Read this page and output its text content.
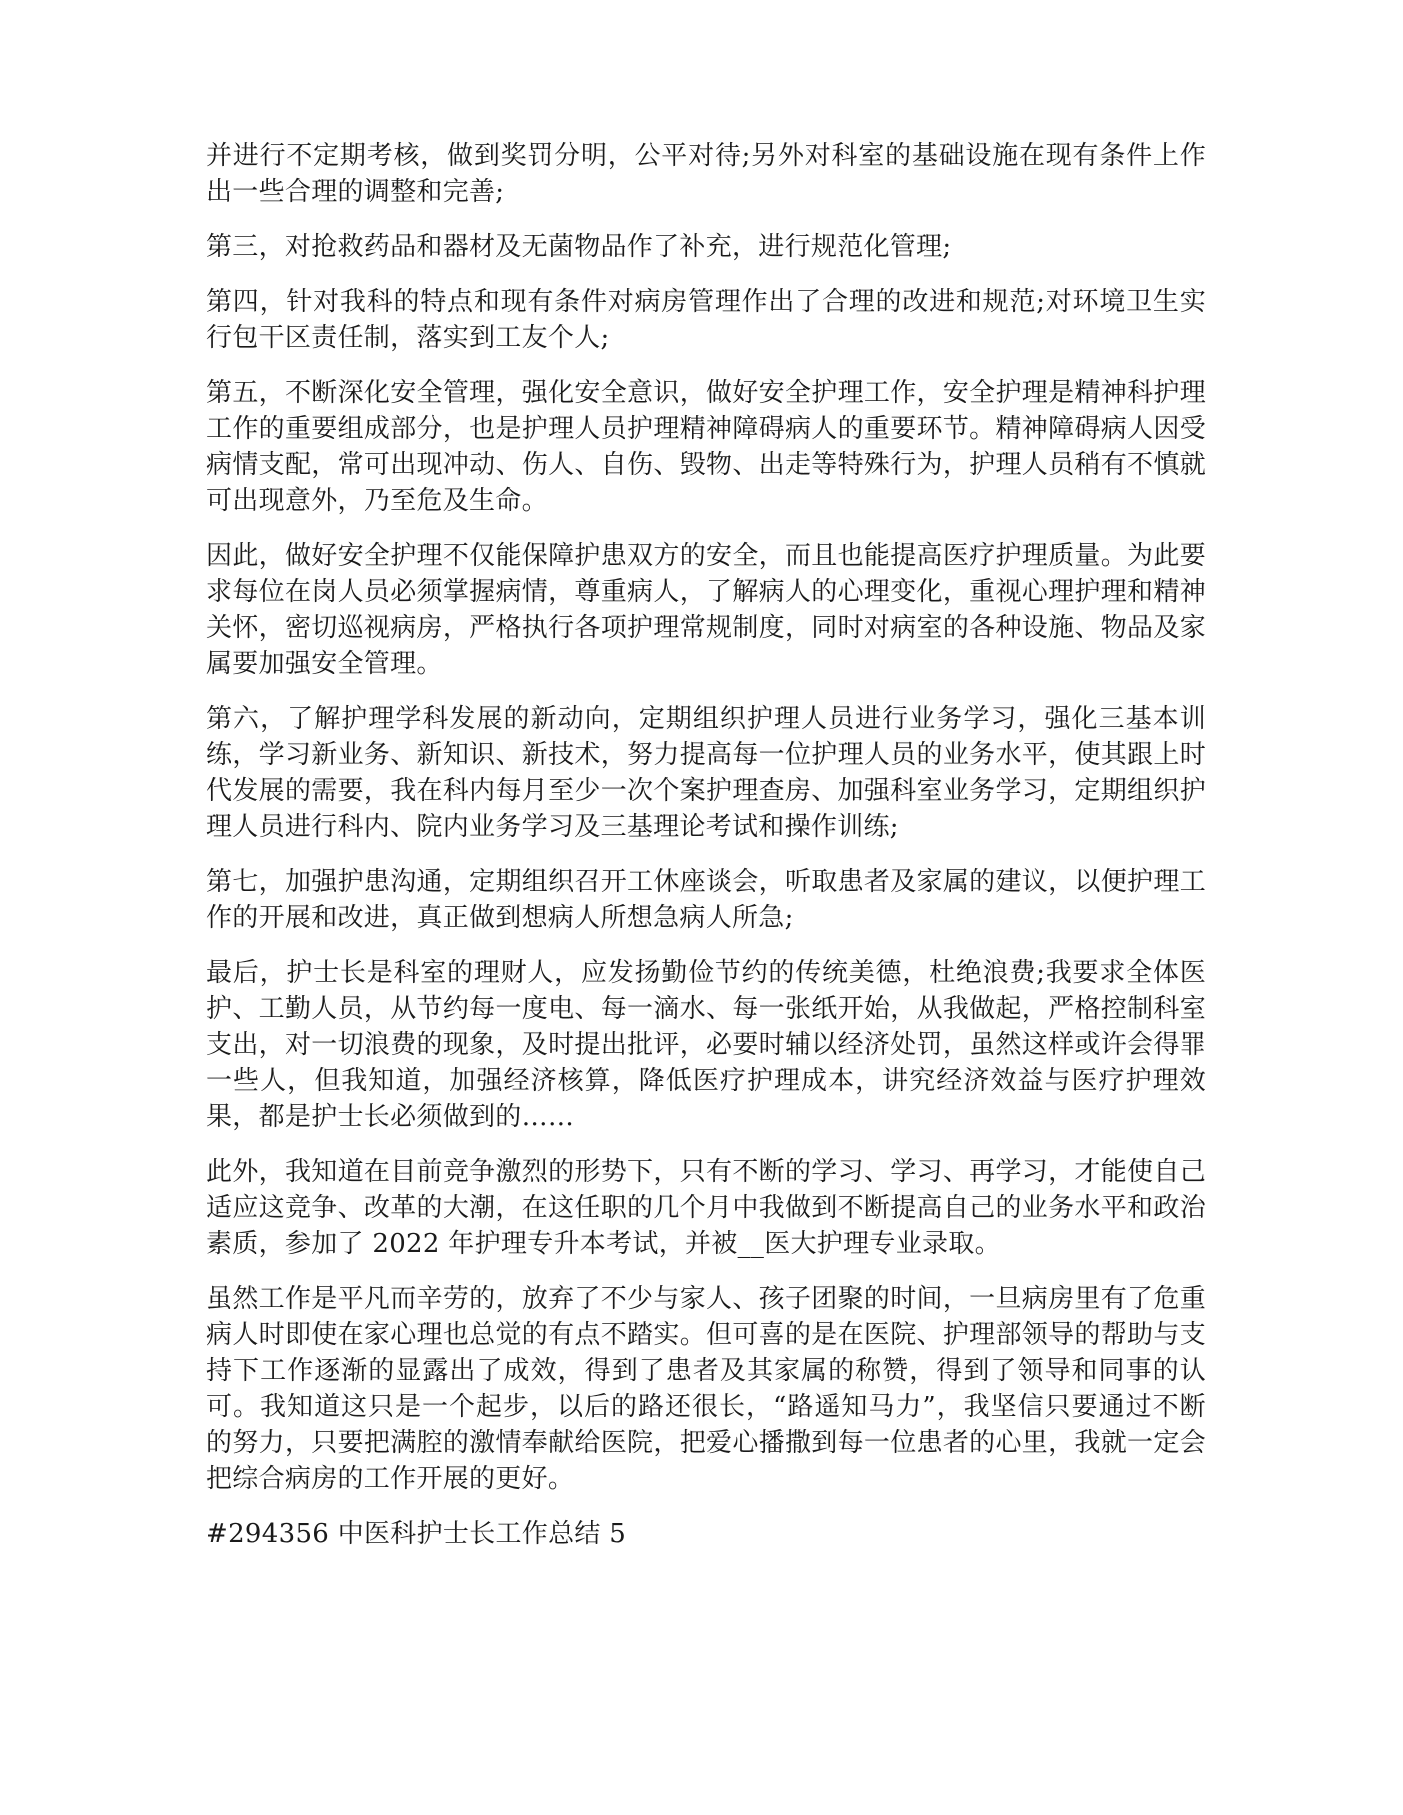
并进行不定期考核，做到奖罚分明，公平对待;另外对科室的基础设施在现有条件上作出一些合理的调整和完善;

第三，对抢救药品和器材及无菌物品作了补充，进行规范化管理;

第四，针对我科的特点和现有条件对病房管理作出了合理的改进和规范;对环境卫生实行包干区责任制，落实到工友个人;

第五，不断深化安全管理，强化安全意识，做好安全护理工作，安全护理是精神科护理工作的重要组成部分，也是护理人员护理精神障碍病人的重要环节。精神障碍病人因受病情支配，常可出现冲动、伤人、自伤、毁物、出走等特殊行为，护理人员稍有不慎就可出现意外，乃至危及生命。

因此，做好安全护理不仅能保障护患双方的安全，而且也能提高医疗护理质量。为此要求每位在岗人员必须掌握病情，尊重病人，了解病人的心理变化，重视心理护理和精神关怀，密切巡视病房，严格执行各项护理常规制度，同时对病室的各种设施、物品及家属要加强安全管理。

第六，了解护理学科发展的新动向，定期组织护理人员进行业务学习，强化三基本训练，学习新业务、新知识、新技术，努力提高每一位护理人员的业务水平，使其跟上时代发展的需要，我在科内每月至少一次个案护理查房、加强科室业务学习，定期组织护理人员进行科内、院内业务学习及三基理论考试和操作训练;

第七，加强护患沟通，定期组织召开工休座谈会，听取患者及家属的建议，以便护理工作的开展和改进，真正做到想病人所想急病人所急;

最后，护士长是科室的理财人，应发扬勤俭节约的传统美德，杜绝浪费;我要求全体医护、工勤人员，从节约每一度电、每一滴水、每一张纸开始，从我做起，严格控制科室支出，对一切浪费的现象，及时提出批评，必要时辅以经济处罚，虽然这样或许会得罪一些人，但我知道，加强经济核算，降低医疗护理成本，讲究经济效益与医疗护理效果，都是护士长必须做到的……

此外，我知道在目前竞争激烈的形势下，只有不断的学习、学习、再学习，才能使自己适应这竞争、改革的大潮，在这任职的几个月中我做到不断提高自己的业务水平和政治素质，参加了 2022 年护理专升本考试，并被__医大护理专业录取。

虽然工作是平凡而辛劳的，放弃了不少与家人、孩子团聚的时间，一旦病房里有了危重病人时即使在家心理也总觉的有点不踏实。但可喜的是在医院、护理部领导的帮助与支持下工作逐渐的显露出了成效，得到了患者及其家属的称赞，得到了领导和同事的认可。我知道这只是一个起步，以后的路还很长，“路遥知马力”，我坚信只要通过不断的努力，只要把满腔的激情奉献给医院，把爱心播撒到每一位患者的心里，我就一定会把综合病房的工作开展的更好。

#294356 中医科护士长工作总结 5
